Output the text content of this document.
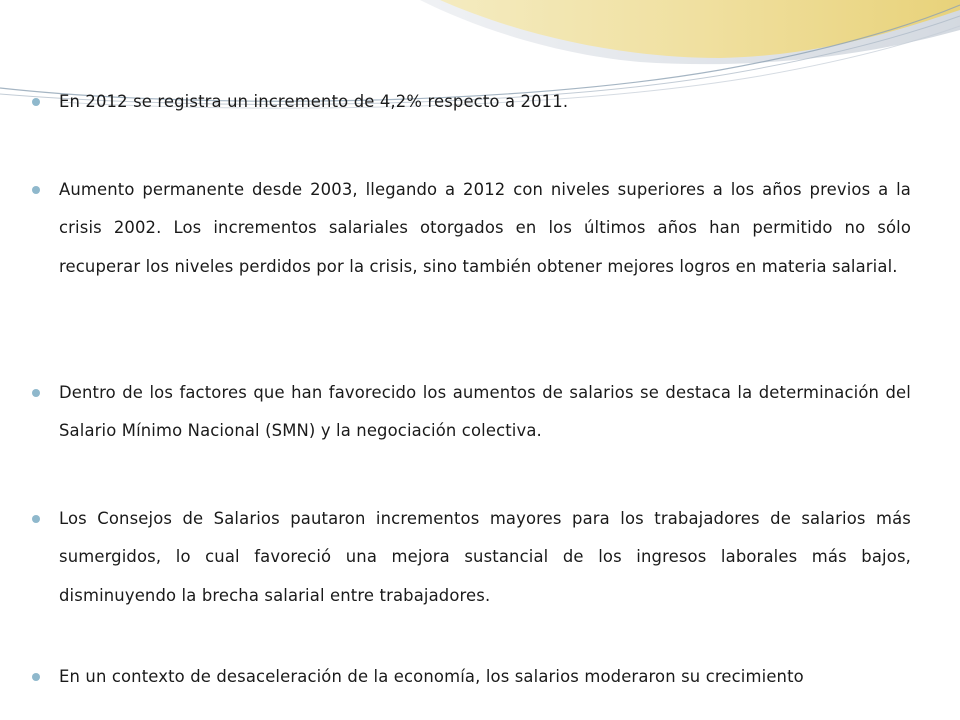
En 2012 se registra un incremento de 4,2% respecto a 2011.
Aumento permanente desde 2003, llegando a 2012 con niveles superiores a los años previos a la crisis 2002. Los incrementos salariales otorgados en los últimos años han permitido no sólo recuperar los niveles perdidos por la crisis, sino también obtener mejores logros en materia salarial.
Dentro de los factores que han favorecido los aumentos de salarios se destaca la determinación del Salario Mínimo Nacional (SMN) y la negociación colectiva.
Los Consejos de Salarios pautaron incrementos mayores para los trabajadores de salarios más sumergidos, lo cual favoreció una mejora sustancial de los ingresos laborales más bajos, disminuyendo la brecha salarial entre trabajadores.
En un contexto de desaceleración de la economía, los salarios moderaron su crecimiento
